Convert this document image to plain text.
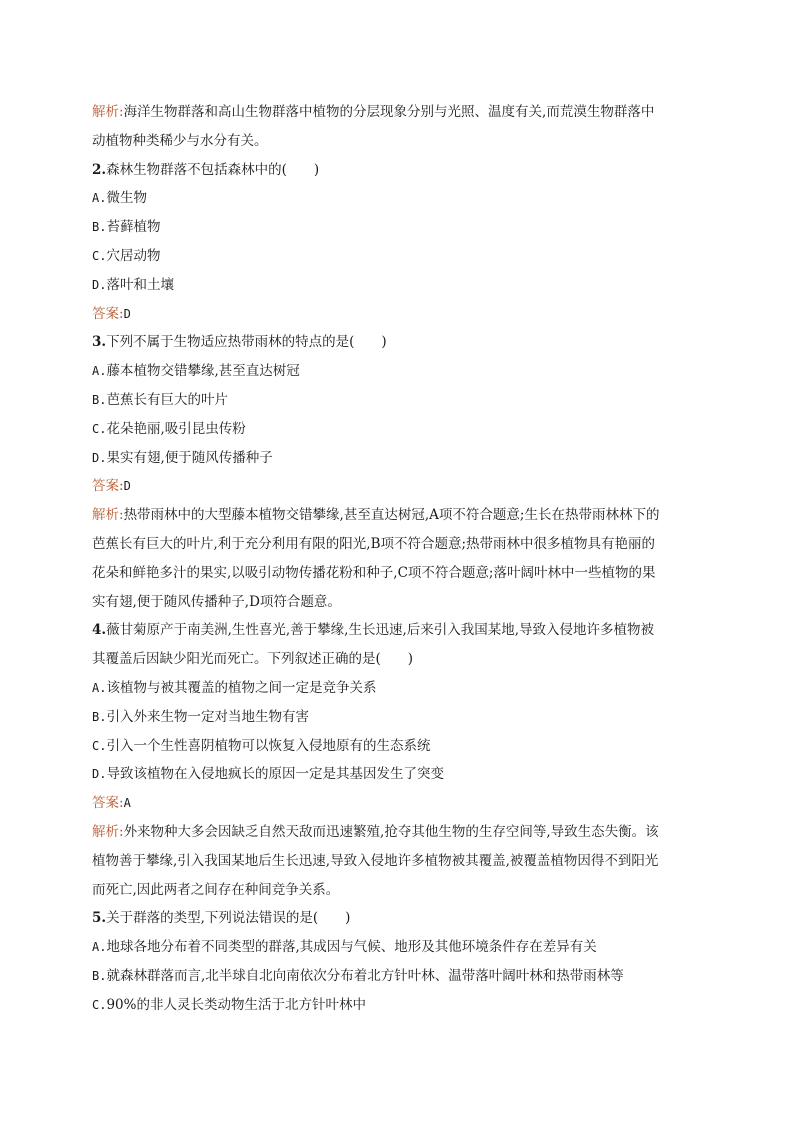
解析:海洋生物群落和高山生物群落中植物的分层现象分别与光照、温度有关,而荒漠生物群落中
动植物种类稀少与水分有关。
2.森林生物群落不包括森林中的(　　)
A.微生物
B.苔藓植物
C.穴居动物
D.落叶和土壤
答案:D
3.下列不属于生物适应热带雨林的特点的是(　　)
A.藤本植物交错攀缘,甚至直达树冠
B.芭蕉长有巨大的叶片
C.花朵艳丽,吸引昆虫传粉
D.果实有翅,便于随风传播种子
答案:D
解析:热带雨林中的大型藤本植物交错攀缘,甚至直达树冠,A项不符合题意;生长在热带雨林林下的
芭蕉长有巨大的叶片,利于充分利用有限的阳光,B项不符合题意;热带雨林中很多植物具有艳丽的
花朵和鲜艳多汁的果实,以吸引动物传播花粉和种子,C项不符合题意;落叶阔叶林中一些植物的果
实有翅,便于随风传播种子,D项符合题意。
4.薇甘菊原产于南美洲,生性喜光,善于攀缘,生长迅速,后来引入我国某地,导致入侵地许多植物被
其覆盖后因缺少阳光而死亡。下列叙述正确的是(　　)
A.该植物与被其覆盖的植物之间一定是竞争关系
B.引入外来生物一定对当地生物有害
C.引入一个生性喜阴植物可以恢复入侵地原有的生态系统
D.导致该植物在入侵地疯长的原因一定是其基因发生了突变
答案:A
解析:外来物种大多会因缺乏自然天敌而迅速繁殖,抢夺其他生物的生存空间等,导致生态失衡。该
植物善于攀缘,引入我国某地后生长迅速,导致入侵地许多植物被其覆盖,被覆盖植物因得不到阳光
而死亡,因此两者之间存在种间竞争关系。
5.关于群落的类型,下列说法错误的是(　　)
A.地球各地分布着不同类型的群落,其成因与气候、地形及其他环境条件存在差异有关
B.就森林群落而言,北半球自北向南依次分布着北方针叶林、温带落叶阔叶林和热带雨林等
C.90%的非人灵长类动物生活于北方针叶林中
